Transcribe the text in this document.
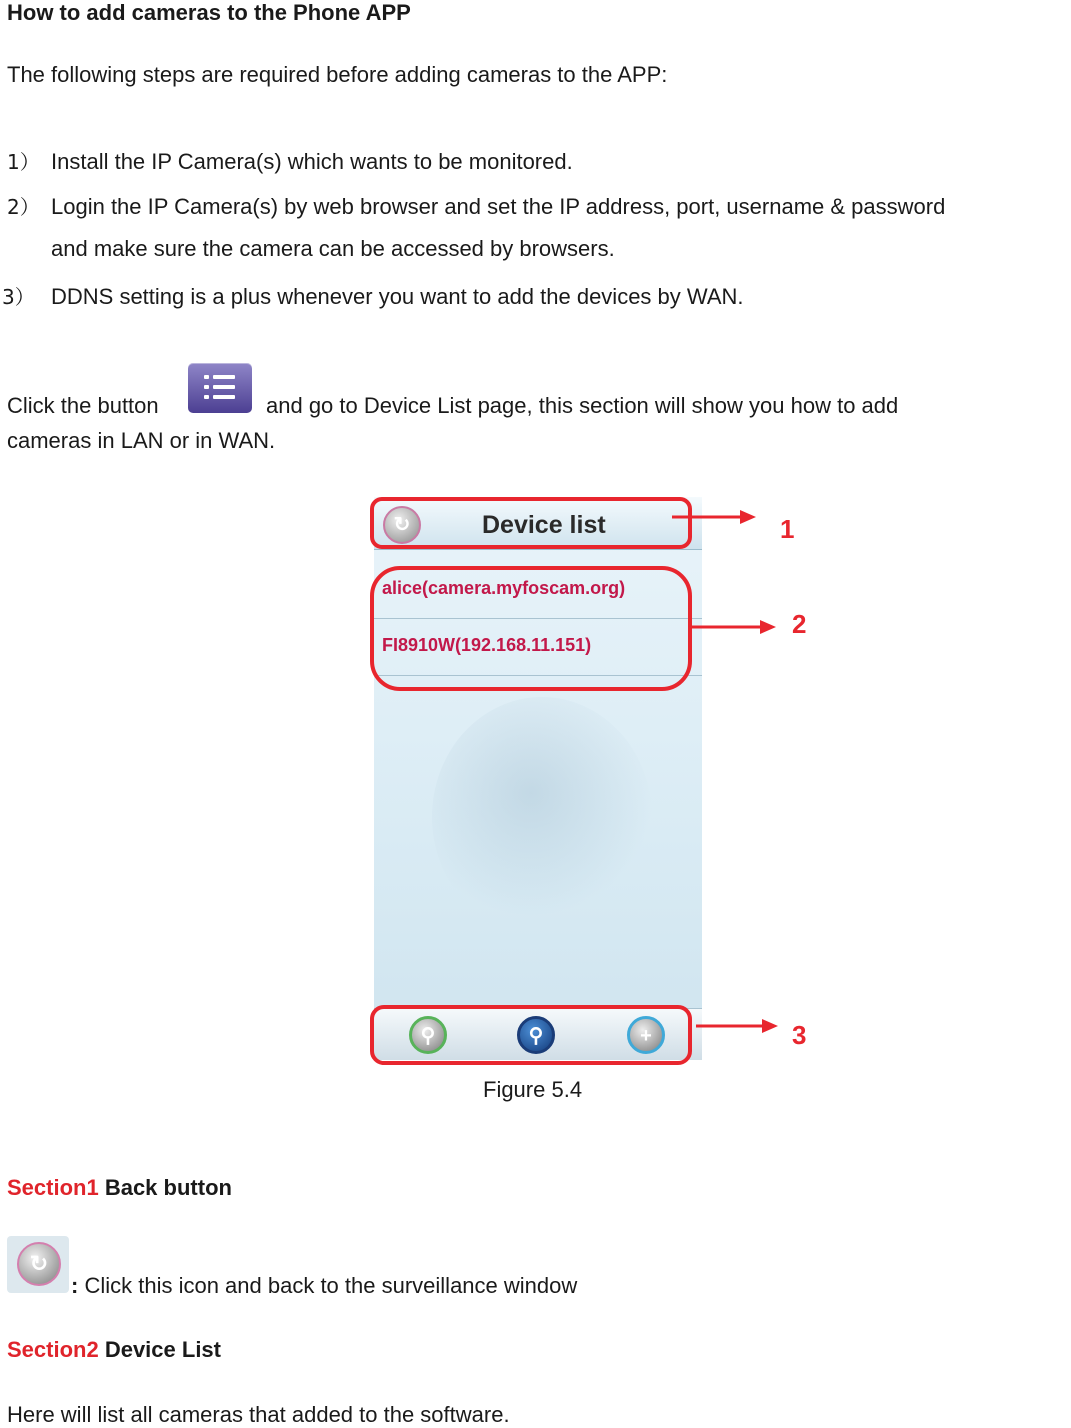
How to add cameras to the Phone APP
The following steps are required before adding cameras to the APP:
1） Install the IP Camera(s) which wants to be monitored.
2） Login the IP Camera(s) by web browser and set the IP address, port, username & password
and make sure the camera can be accessed by browsers.
3） DDNS setting is a plus whenever you want to add the devices by WAN.
Click the button	and go to Device List page, this section will show you how to add
cameras in LAN or in WAN.
↻	Device list
alice(camera.myfoscam.org)
FI8910W(192.168.11.151)
⚲	⚲	+
1
2
3
Figure 5.4
Section1 Back button
↻
: Click this icon and back to the surveillance window
Section2 Device List
Here will list all cameras that added to the software.
